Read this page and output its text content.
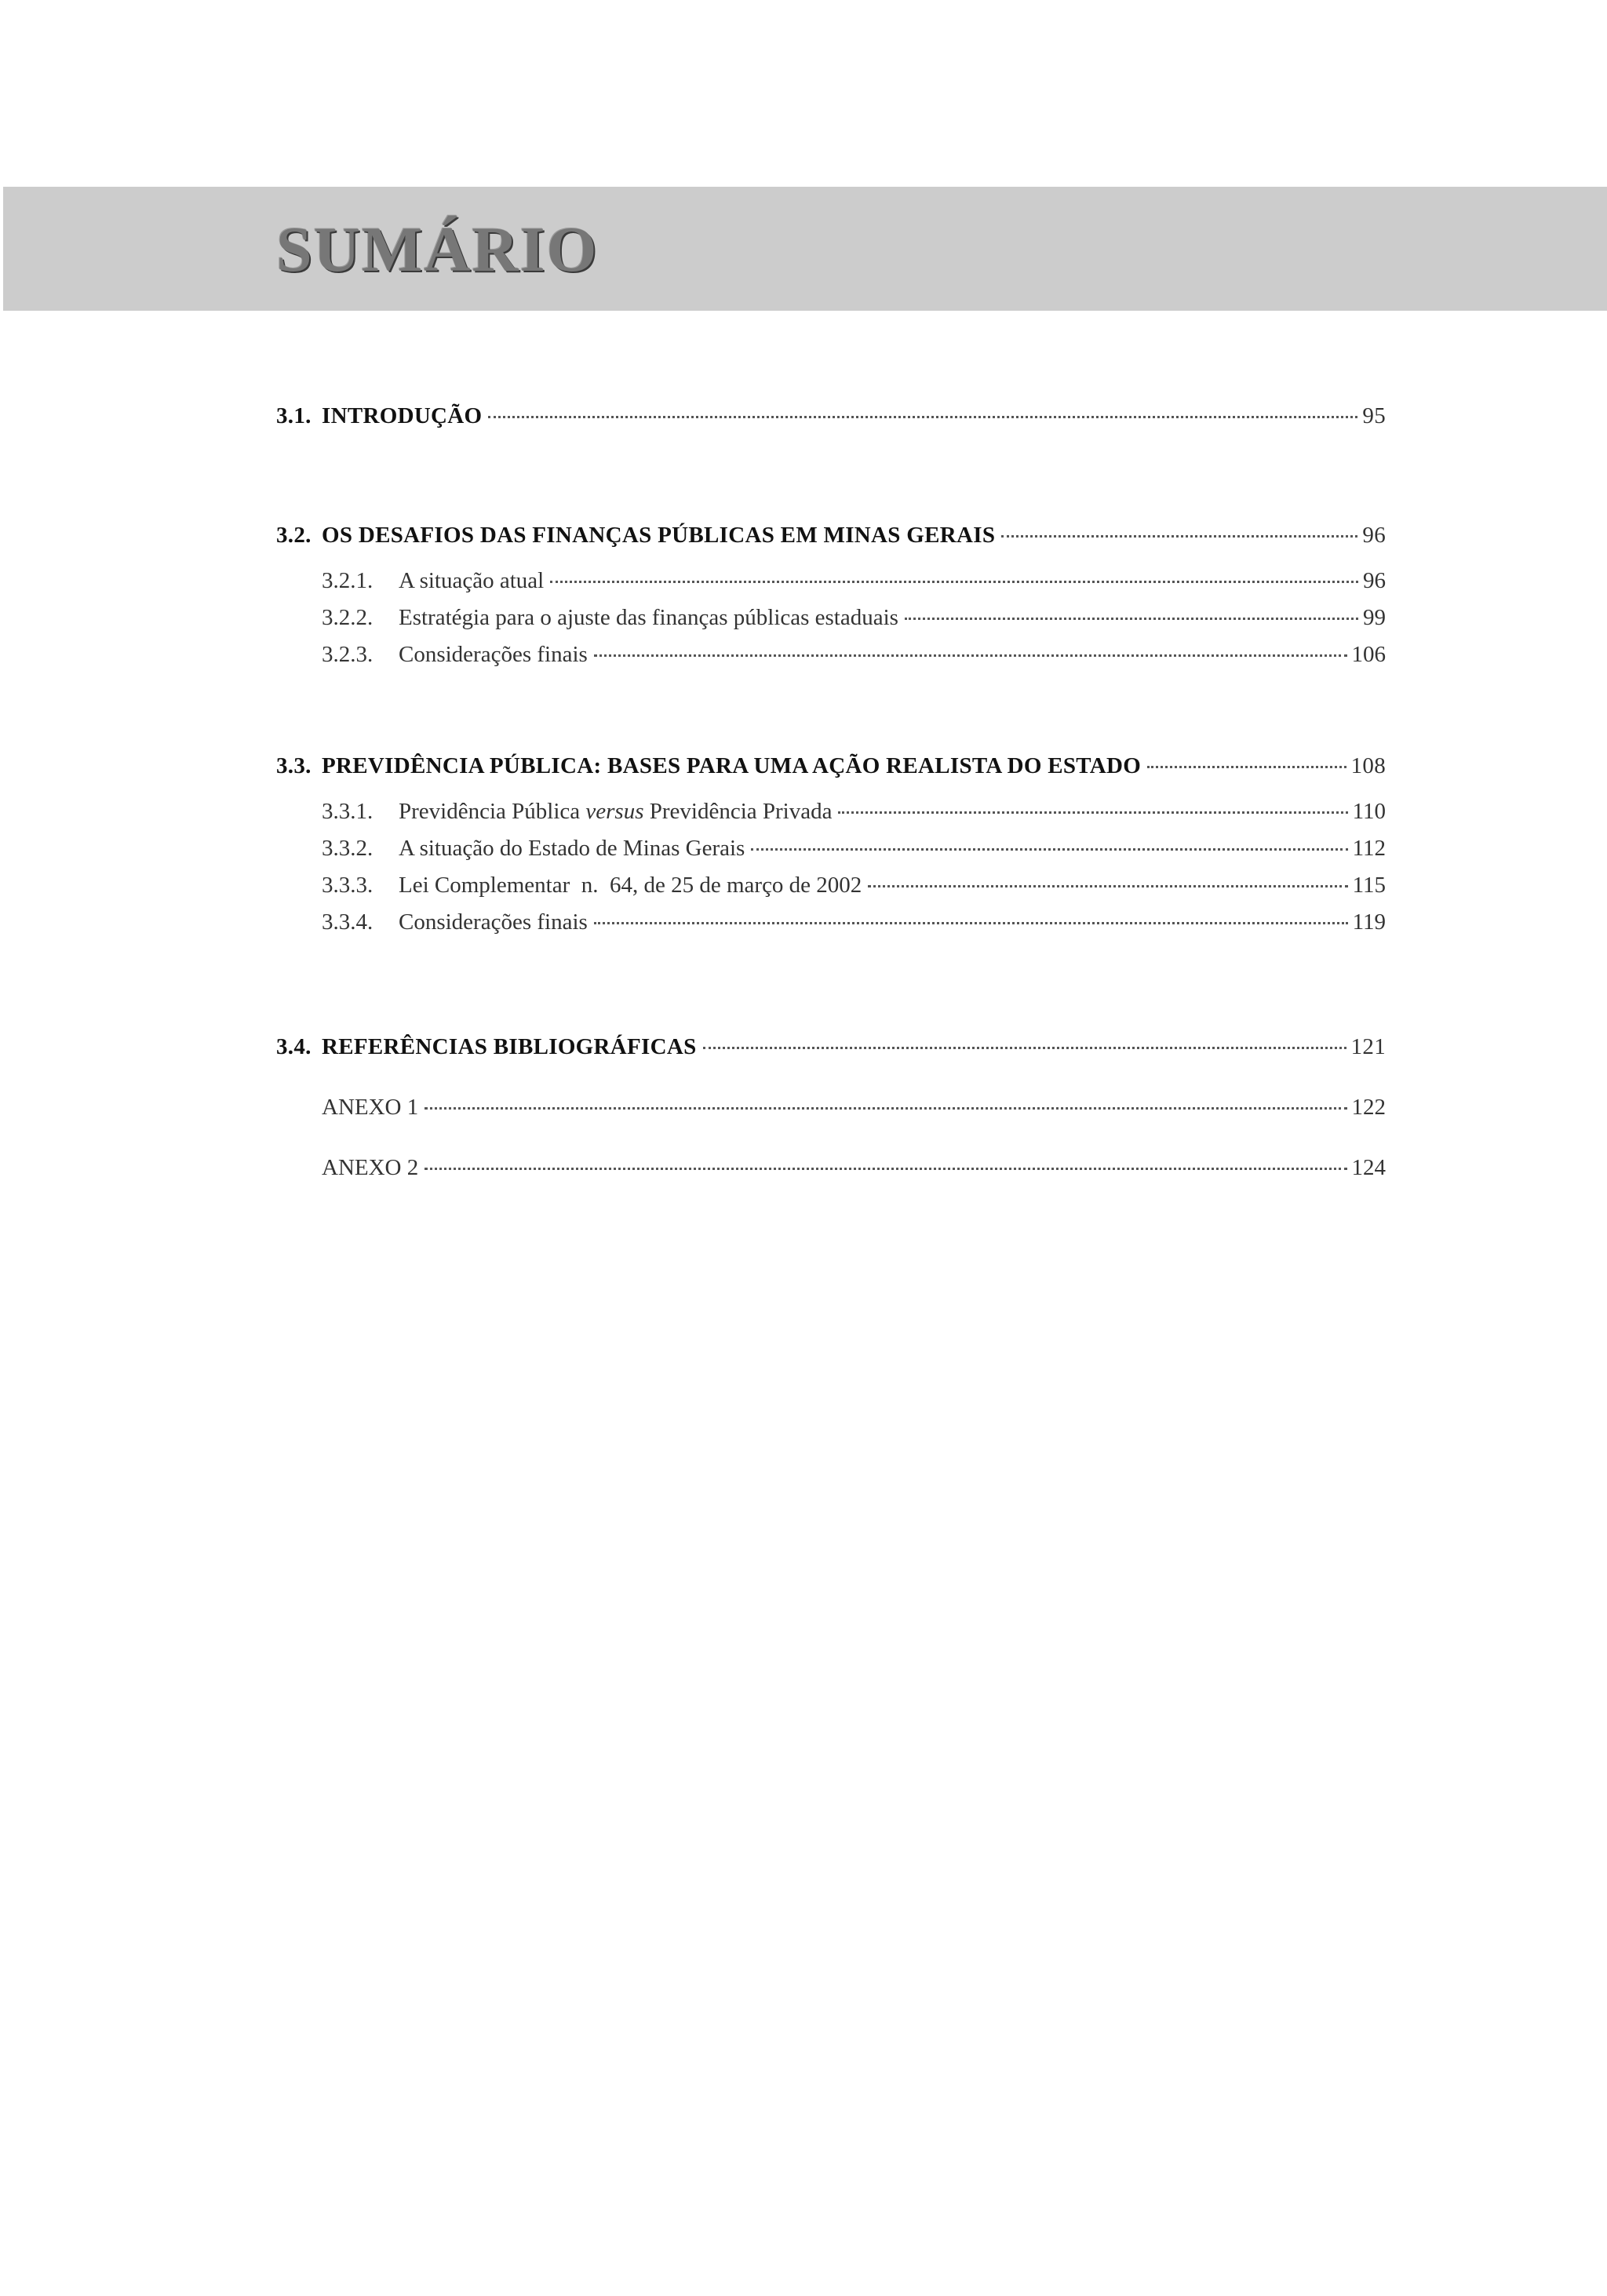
SUMÁRIO
3.1. INTRODUÇÃO	95
3.2. OS DESAFIOS DAS FINANÇAS PÚBLICAS EM MINAS GERAIS	96
3.2.1.	A situação atual	96
3.2.2.	Estratégia para o ajuste das finanças públicas estaduais	99
3.2.3.	Considerações finais	106
3.3. PREVIDÊNCIA PÚBLICA: BASES PARA UMA AÇÃO REALISTA DO ESTADO	108
3.3.1.	Previdência Pública versus Previdência Privada	110
3.3.2.	A situação do Estado de Minas Gerais	112
3.3.3.	Lei Complementar  n.  64, de 25 de março de 2002	115
3.3.4.	Considerações finais	119
3.4. REFERÊNCIAS BIBLIOGRÁFICAS	121
ANEXO 1	122
ANEXO 2	124
